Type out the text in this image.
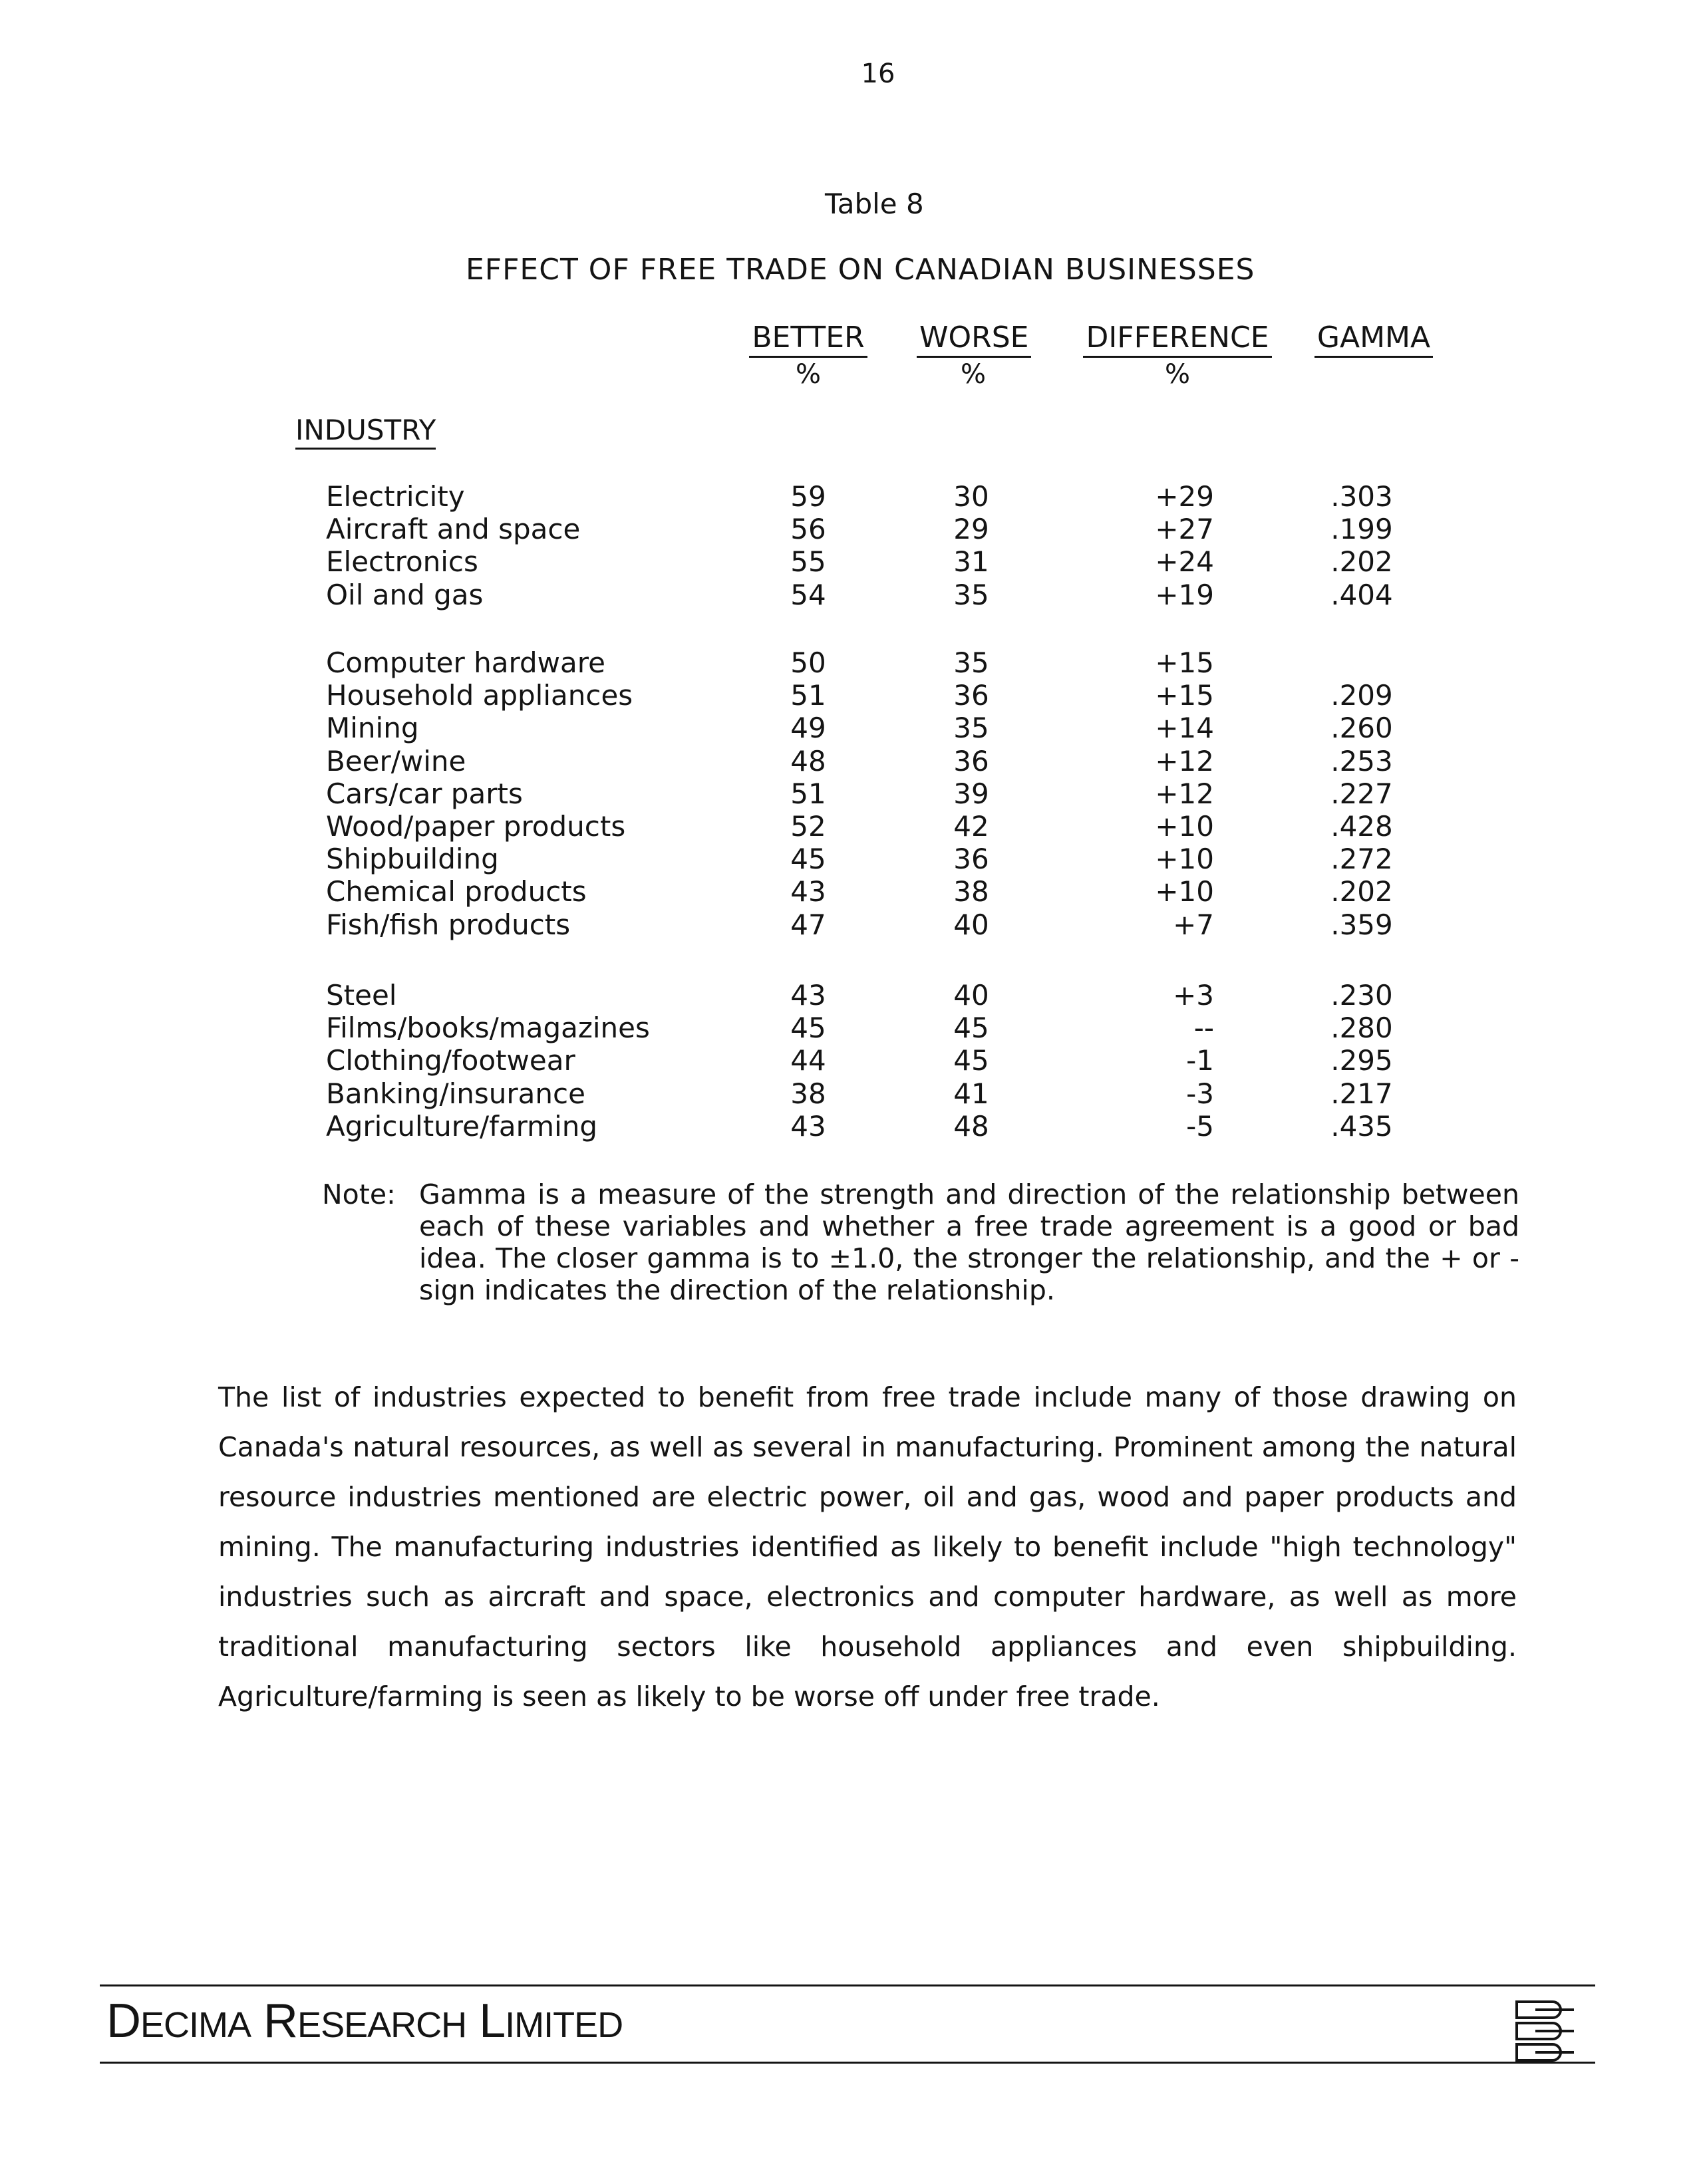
16
Table 8
EFFECT OF FREE TRADE ON CANADIAN BUSINESSES
BETTER
%
WORSE
%
DIFFERENCE
%
GAMMA
INDUSTRY
Electricity	59	30	+29	.303
Aircraft and space	56	29	+27	.199
Electronics	55	31	+24	.202
Oil and gas	54	35	+19	.404
Computer hardware	50	35	+15
Household appliances	51	36	+15	.209
Mining	49	35	+14	.260
Beer/wine	48	36	+12	.253
Cars/car parts	51	39	+12	.227
Wood/paper products	52	42	+10	.428
Shipbuilding	45	36	+10	.272
Chemical products	43	38	+10	.202
Fish/fish products	47	40	+7	.359
Steel	43	40	+3	.230
Films/books/magazines	45	45	--	.280
Clothing/footwear	44	45	-1	.295
Banking/insurance	38	41	-3	.217
Agriculture/farming	43	48	-5	.435
Note: Gamma is a measure of the strength and direction of the relationship between each of these variables and whether a free trade agreement is a good or bad idea. The closer gamma is to ±1.0, the stronger the relationship, and the + or - sign indicates the direction of the relationship.
The list of industries expected to benefit from free trade include many of those drawing on Canada's natural resources, as well as several in manufacturing. Prominent among the natural resource industries mentioned are electric power, oil and gas, wood and paper products and mining. The manufacturing industries identified as likely to benefit include "high technology" industries such as aircraft and space, electronics and computer hardware, as well as more traditional manufacturing sectors like household appliances and even shipbuilding. Agriculture/farming is seen as likely to be worse off under free trade.
DECIMA RESEARCH LIMITED
